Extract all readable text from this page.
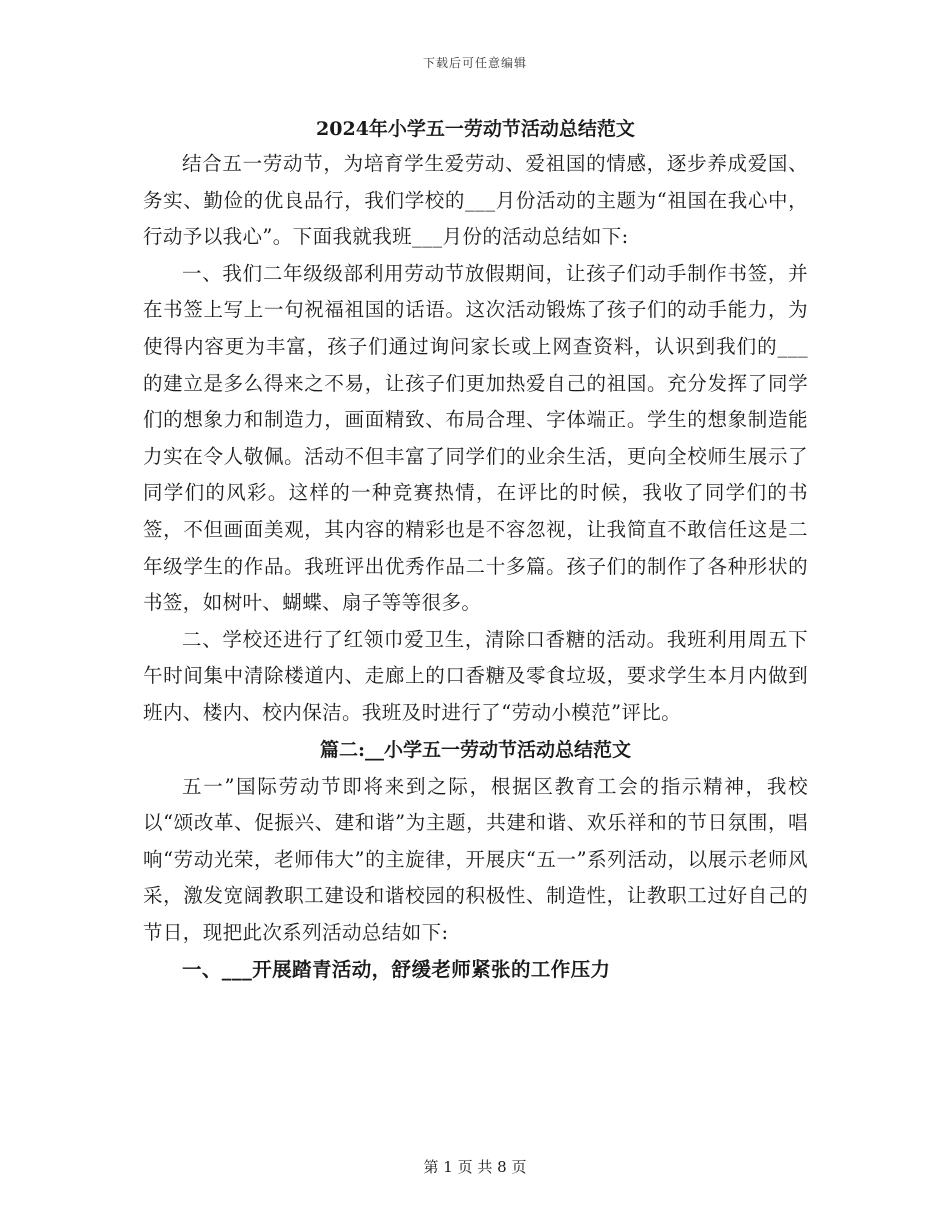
下载后可任意编辑
2024年小学五一劳动节活动总结范文

结合五一劳动节，为培育学生爱劳动、爱祖国的情感，逐步养成爱国、务实、勤俭的优良品行，我们学校的___月份活动的主题为“祖国在我心中，行动予以我心”。下面我就我班___月份的活动总结如下:

一、我们二年级级部利用劳动节放假期间，让孩子们动手制作书签，并在书签上写上一句祝福祖国的话语。这次活动锻炼了孩子们的动手能力，为使得内容更为丰富，孩子们通过询问家长或上网查资料，认识到我们的___的建立是多么得来之不易，让孩子们更加热爱自己的祖国。充分发挥了同学们的想象力和制造力，画面精致、布局合理、字体端正。学生的想象制造能力实在令人敬佩。活动不但丰富了同学们的业余生活，更向全校师生展示了同学们的风彩。这样的一种竞赛热情，在评比的时候，我收了同学们的书签，不但画面美观，其内容的精彩也是不容忽视，让我简直不敢信任这是二年级学生的作品。我班评出优秀作品二十多篇。孩子们的制作了各种形状的书签，如树叶、蝴蝶、扇子等等很多。

二、学校还进行了红领巾爱卫生，清除口香糖的活动。我班利用周五下午时间集中清除楼道内、走廊上的口香糖及零食垃圾，要求学生本月内做到班内、楼内、校内保洁。我班及时进行了“劳动小模范”评比。

篇二:__小学五一劳动节活动总结范文

五一”国际劳动节即将来到之际，根据区教育工会的指示精神，我校以“颂改革、促振兴、建和谐”为主题，共建和谐、欢乐祥和的节日氛围，唱响“劳动光荣，老师伟大”的主旋律，开展庆“五一”系列活动，以展示老师风采，激发宽阔教职工建设和谐校园的积极性、制造性，让教职工过好自己的节日，现把此次系列活动总结如下:

一、___开展踏青活动，舒缓老师紧张的工作压力

第 1 页 共 8 页
